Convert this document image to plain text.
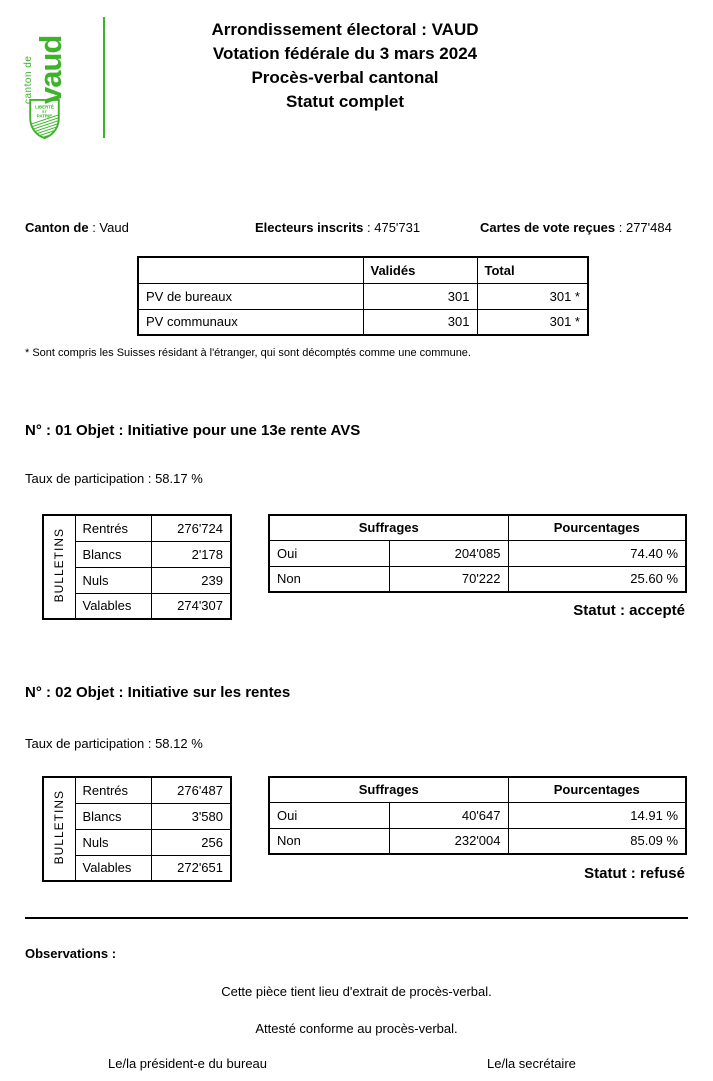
canton de vaud
LIBERTÉ
ET
PATRIE
Arrondissement électoral : VAUD
Votation fédérale du 3 mars 2024
Procès-verbal cantonal
Statut complet
Canton de : Vaud	Electeurs inscrits : 475'731	Cartes de vote reçues : 277'484
	Validés	Total
PV de bureaux	301	301 *
PV communaux	301	301 *
* Sont compris les Suisses résidant à l'étranger, qui sont décomptés comme une commune.
N° : 01 Objet : Initiative pour une 13e rente AVS
Taux de participation : 58.17 %
BULLETINS	Rentrés	276'724
	Blancs	2'178
	Nuls	239
	Valables	274'307
Suffrages		Pourcentages
Oui	204'085	74.40 %
Non	70'222	25.60 %
Statut : accepté
N° : 02 Objet : Initiative sur les rentes
Taux de participation : 58.12 %
BULLETINS	Rentrés	276'487
	Blancs	3'580
	Nuls	256
	Valables	272'651
Suffrages		Pourcentages
Oui	40'647	14.91 %
Non	232'004	85.09 %
Statut : refusé
Observations :
Cette pièce tient lieu d'extrait de procès-verbal.
Attesté conforme au procès-verbal.
Le/la président-e du bureau	Le/la secrétaire
